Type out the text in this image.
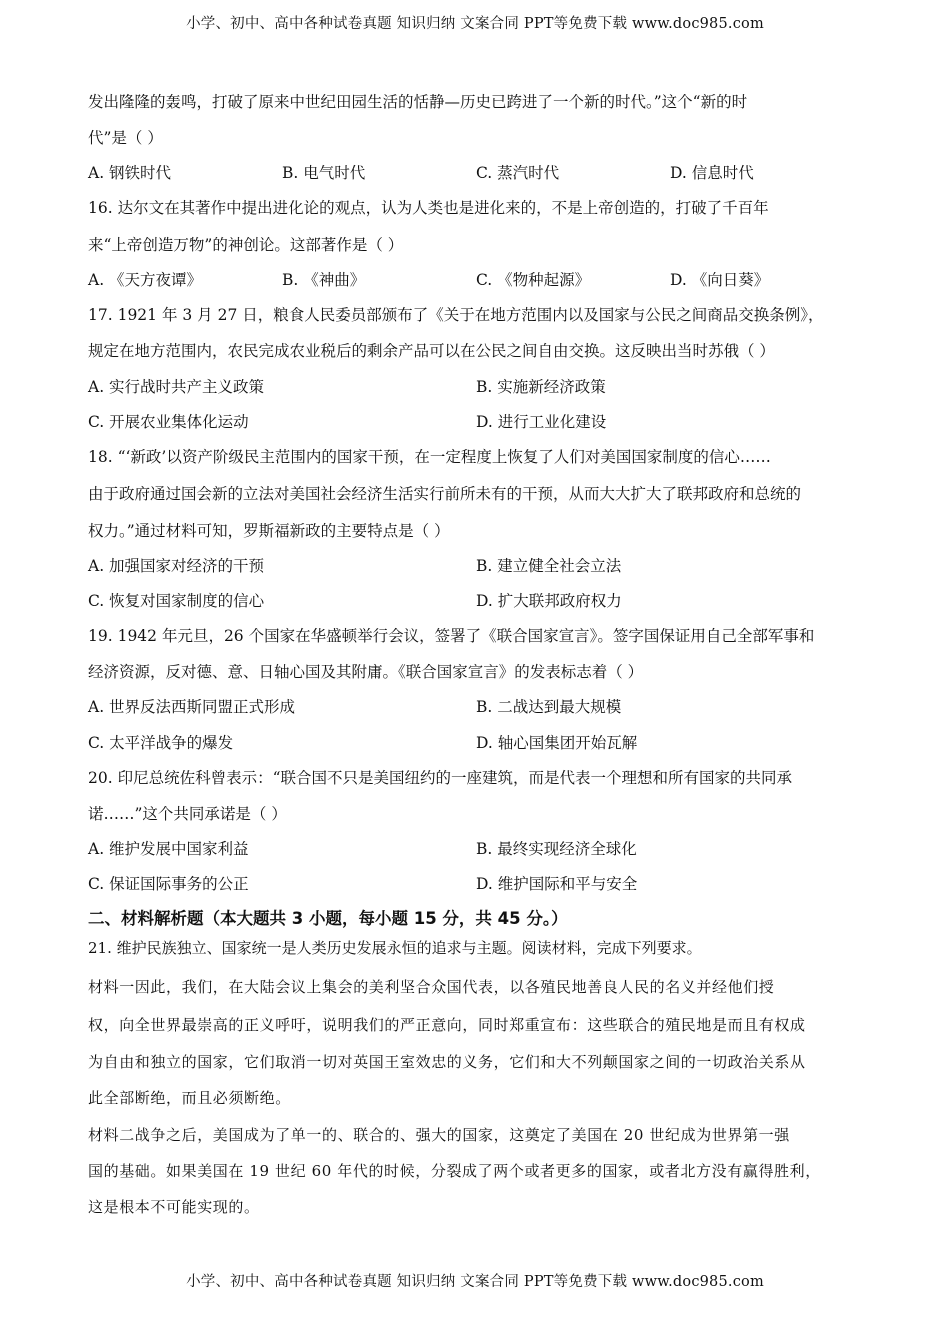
小学、初中、高中各种试卷真题 知识归纳 文案合同 PPT等免费下载 www.doc985.com
发出隆隆的轰鸣，打破了原来中世纪田园生活的恬静—历史已跨进了一个新的时代。”这个“新的时
代”是（ ）
A. 钢铁时代	B. 电气时代	C. 蒸汽时代	D. 信息时代
16. 达尔文在其著作中提出进化论的观点，认为人类也是进化来的，不是上帝创造的，打破了千百年
来“上帝创造万物”的神创论。这部著作是（ ）
A. 《天方夜谭》	B. 《神曲》	C. 《物种起源》	D. 《向日葵》
17. 1921 年 3 月 27 日，粮食人民委员部颁布了《关于在地方范围内以及国家与公民之间商品交换条例》，
规定在地方范围内，农民完成农业税后的剩余产品可以在公民之间自由交换。这反映出当时苏俄（ ）
A. 实行战时共产主义政策	B. 实施新经济政策
C. 开展农业集体化运动	D. 进行工业化建设
18. “‘新政’以资产阶级民主范围内的国家干预，在一定程度上恢复了人们对美国国家制度的信心……
由于政府通过国会新的立法对美国社会经济生活实行前所未有的干预，从而大大扩大了联邦政府和总统的
权力。”通过材料可知，罗斯福新政的主要特点是（ ）
A. 加强国家对经济的干预	B. 建立健全社会立法
C. 恢复对国家制度的信心	D. 扩大联邦政府权力
19. 1942 年元旦，26 个国家在华盛顿举行会议，签署了《联合国家宣言》。签字国保证用自己全部军事和
经济资源，反对德、意、日轴心国及其附庸。《联合国家宣言》的发表标志着（ ）
A. 世界反法西斯同盟正式形成	B. 二战达到最大规模
C. 太平洋战争的爆发	D. 轴心国集团开始瓦解
20. 印尼总统佐科曾表示：“联合国不只是美国纽约的一座建筑，而是代表一个理想和所有国家的共同承
诺……”这个共同承诺是（ ）
A. 维护发展中国家利益	B. 最终实现经济全球化
C. 保证国际事务的公正	D. 维护国际和平与安全
二、材料解析题（本大题共 3 小题，每小题 15 分，共 45 分。）
21. 维护民族独立、国家统一是人类历史发展永恒的追求与主题。阅读材料，完成下列要求。
材料一因此，我们，在大陆会议上集会的美利坚合众国代表，以各殖民地善良人民的名义并经他们授
权，向全世界最崇高的正义呼吁，说明我们的严正意向，同时郑重宣布：这些联合的殖民地是而且有权成
为自由和独立的国家，它们取消一切对英国王室效忠的义务，它们和大不列颠国家之间的一切政治关系从
此全部断绝，而且必须断绝。
材料二战争之后，美国成为了单一的、联合的、强大的国家，这奠定了美国在 20 世纪成为世界第一强
国的基础。如果美国在 19 世纪 60 年代的时候，分裂成了两个或者更多的国家，或者北方没有赢得胜利，
这是根本不可能实现的。
小学、初中、高中各种试卷真题 知识归纳 文案合同 PPT等免费下载 www.doc985.com
